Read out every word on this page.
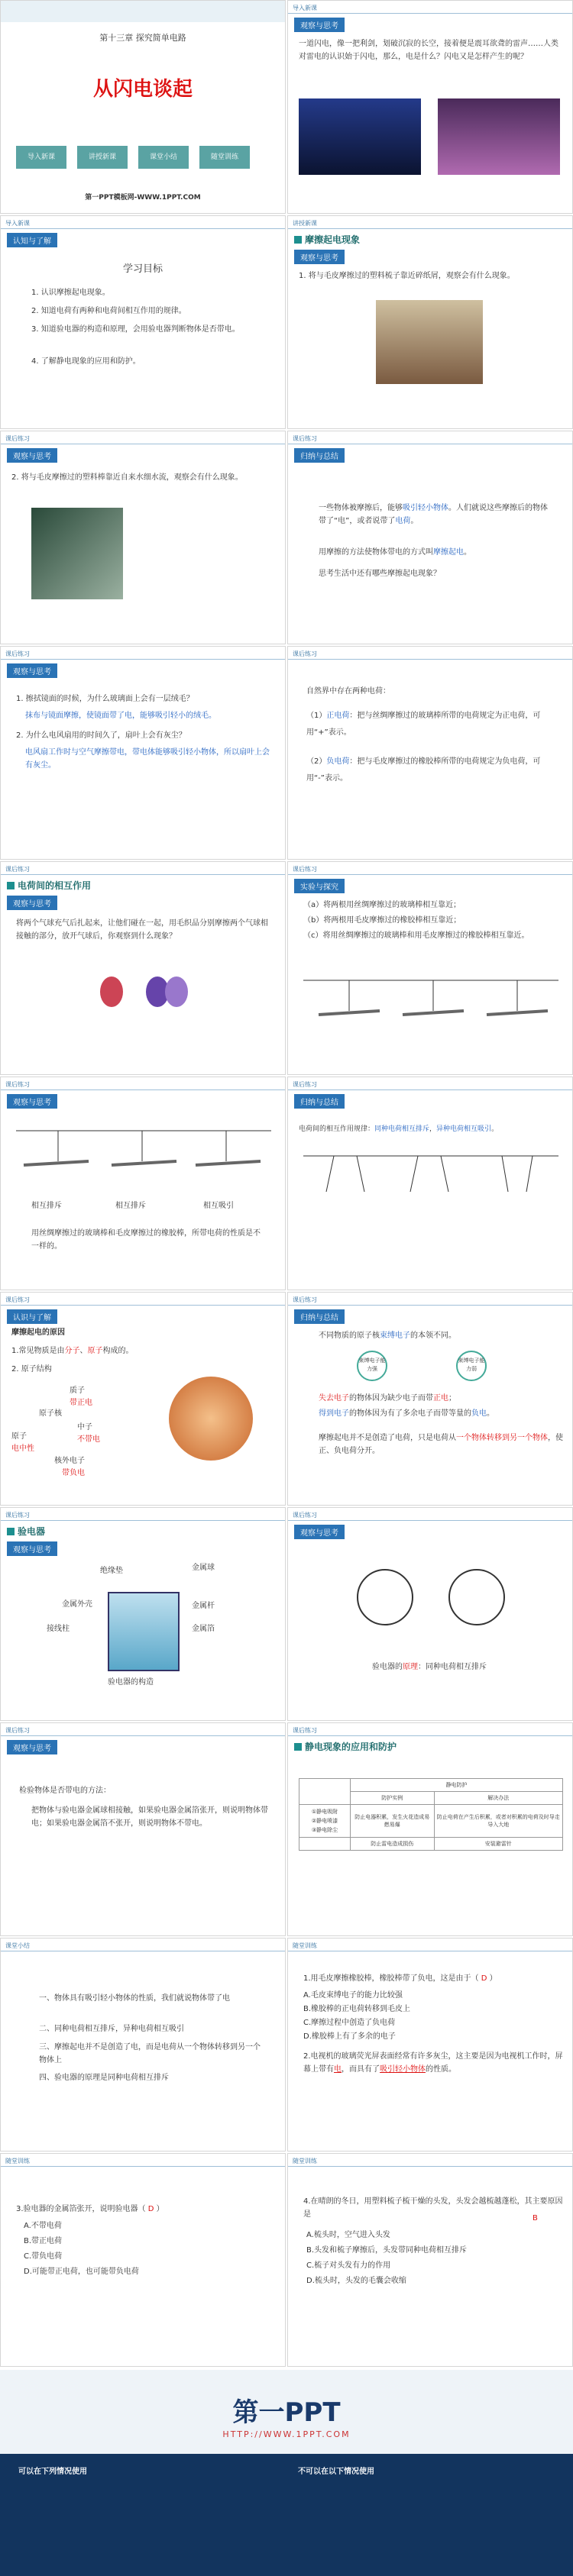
第十三章 探究简单电路
从闪电谈起
导入新课	讲授新课	课堂小结	随堂训练
第一PPT模板网-WWW.1PPT.COM
导入新课
观察与思考
一道闪电，像一把利剑，划破沉寂的长空，接着便是震耳欲聋的雷声……人类对雷电的认识始于闪电，那么，电是什么？闪电又是怎样产生的呢？
导入新课
认知与了解
学习目标
1. 认识摩擦起电现象。
2. 知道电荷有两种和电荷间相互作用的规律。
3. 知道验电器的构造和原理，会用验电器判断物体是否带电。
4. 了解静电现象的应用和防护。
讲授新课
摩擦起电现象
观察与思考
1. 将与毛皮摩擦过的塑料梳子靠近碎纸屑，观察会有什么现象。
课后练习
观察与思考
2. 将与毛皮摩擦过的塑料棒靠近自来水细水流，观察会有什么现象。
课后练习
归纳与总结
一些物体被摩擦后，能够吸引轻小物体。人们就说这些摩擦后的物体带了“电”，或者说带了电荷。
用摩擦的方法使物体带电的方式叫摩擦起电。
思考生活中还有哪些摩擦起电现象？
课后练习
观察与思考
1. 擦拭镜面的时候，为什么玻璃面上会有一层绒毛？
抹布与镜面摩擦，使镜面带了电，能够吸引轻小的绒毛。
2. 为什么电风扇用的时间久了，扇叶上会有灰尘？
电风扇工作时与空气摩擦带电，带电体能够吸引轻小物体，所以扇叶上会有灰尘。
课后练习
自然界中存在两种电荷：
（1）正电荷：把与丝绸摩擦过的玻璃棒所带的电荷规定为正电荷，可用“+”表示。
（2）负电荷：把与毛皮摩擦过的橡胶棒所带的电荷规定为负电荷，可用“-”表示。
课后练习
电荷间的相互作用
观察与思考
将两个气球充气后扎起来，让他们碰在一起，用毛织品分别摩擦两个气球相接触的部分，放开气球后，你观察到什么现象？
课后练习
实验与探究
（a）将两根用丝绸摩擦过的玻璃棒相互靠近；
（b）将两根用毛皮摩擦过的橡胶棒相互靠近；
（c）将用丝绸摩擦过的玻璃棒和用毛皮摩擦过的橡胶棒相互靠近。
课后练习
观察与思考
相互排斥	相互排斥	相互吸引
用丝绸摩擦过的玻璃棒和毛皮摩擦过的橡胶棒，所带电荷的性质是不一样的。
课后练习
归纳与总结
电荷间的相互作用规律：同种电荷相互排斥，异种电荷相互吸引。
课后练习
认识与了解
摩擦起电的原因
1.常见物质是由分子、原子构成的。
2. 原子结构
质子
带正电
原子核
中子
不带电
原子
电中性
核外电子
带负电
课后练习
归纳与总结
不同物质的原子核束缚电子的本领不同。
束缚电子能力强
束缚电子能力弱
失去电子的物体因为缺少电子而带正电；
得到电子的物体因为有了多余电子而带等量的负电。
摩擦起电并不是创造了电荷，只是电荷从一个物体转移到另一个物体，使正、负电荷分开。
课后练习
验电器
观察与思考
绝缘垫	金属球
金属杆
金属箔
金属外壳
接线柱
验电器的构造
课后练习
观察与思考
验电器的原理：同种电荷相互排斥
课后练习
观察与思考
检验物体是否带电的方法：
把物体与验电器金属球相接触，如果验电器金属箔张开，则说明物体带电；如果验电器金属箔不张开，则说明物体不带电。
课后练习
静电现象的应用和防护
	静电防护	
	防护实例	解决办法
①静电吸附
②静电喷漆
③静电除尘	防止电器积累，发生火花造成易燃易爆	防止电荷在产生后积累，或者对积累的电荷及时导走导入大地
	防止雷电造成损伤	安装避雷针
课堂小结
一、物体具有吸引轻小物体的性质，我们就说物体带了电
二、同种电荷相互排斥，异种电荷相互吸引
三、摩擦起电并不是创造了电，而是电荷从一个物体转移到另一个物体上
四、验电器的原理是同种电荷相互排斥
随堂训练
1.用毛皮摩擦橡胶棒，橡胶棒带了负电，这是由于（ D ）
A.毛皮束缚电子的能力比较强
B.橡胶棒的正电荷转移到毛皮上
C.摩擦过程中创造了负电荷
D.橡胶棒上有了多余的电子
2.电视机的玻璃荧光屏表面经常有许多灰尘，这主要是因为电视机工作时，屏幕上带有电，而具有了吸引轻小物体的性质。
随堂训练
3.验电器的金属箔张开，说明验电器（ D ）
A.不带电荷
B.带正电荷
C.带负电荷
D.可能带正电荷，也可能带负电荷
随堂训练
4.在晴朗的冬日，用塑料梳子梳干燥的头发，头发会越梳越蓬松，其主要原因是	B
A.梳头时，空气进入头发
B.头发和梳子摩擦后，头发带同种电荷相互排斥
C.梳子对头发有力的作用
D.梳头时，头发的毛囊会收缩
第一PPT
HTTP://WWW.1PPT.COM
可以在下列情况使用	不可以在以下情况使用
